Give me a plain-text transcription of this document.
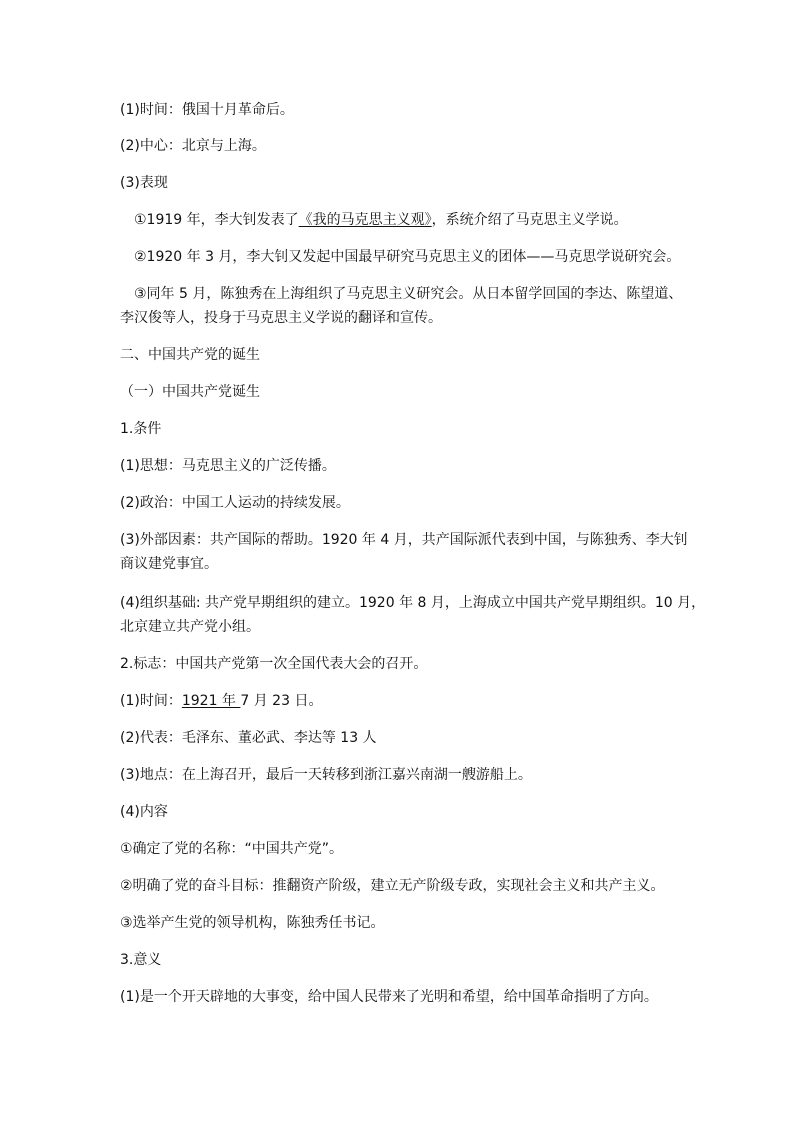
(1)时间：俄国十月革命后。
(2)中心：北京与上海。
(3)表现
①1919 年，李大钊发表了《我的马克思主义观》，系统介绍了马克思主义学说。
②1920 年 3 月，李大钊又发起中国最早研究马克思主义的团体——马克思学说研究会。
③同年 5 月，陈独秀在上海组织了马克思主义研究会。从日本留学回国的李达、陈望道、
李汉俊等人，投身于马克思主义学说的翻译和宣传。
二、中国共产党的诞生
（一）中国共产党诞生
1.条件
(1)思想：马克思主义的广泛传播。
(2)政治：中国工人运动的持续发展。
(3)外部因素：共产国际的帮助。1920 年 4 月，共产国际派代表到中国，与陈独秀、李大钊
商议建党事宜。
(4)组织基础: 共产党早期组织的建立。1920 年 8 月，上海成立中国共产党早期组织。10 月，
北京建立共产党小组。
2.标志：中国共产党第一次全国代表大会的召开。
(1)时间：1921 年 7 月 23 日。
(2)代表：毛泽东、董必武、李达等 13 人
(3)地点：在上海召开，最后一天转移到浙江嘉兴南湖一艘游船上。
(4)内容
①确定了党的名称：“中国共产党”。
②明确了党的奋斗目标：推翻资产阶级，建立无产阶级专政，实现社会主义和共产主义。
③选举产生党的领导机构，陈独秀任书记。
3.意义
(1)是一个开天辟地的大事变，给中国人民带来了光明和希望，给中国革命指明了方向。
